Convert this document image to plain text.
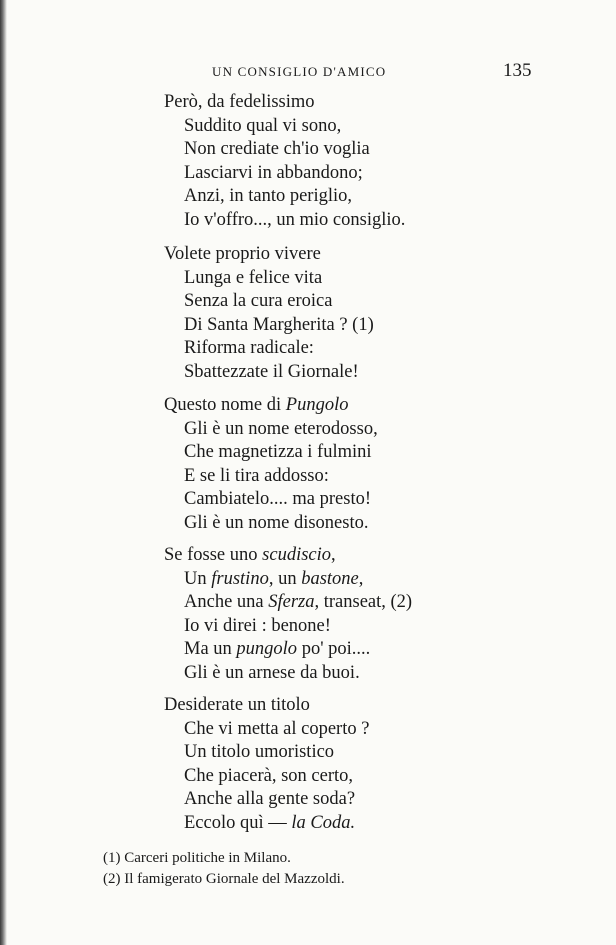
UN CONSIGLIO D'AMICO	135
Però, da fedelissimo
Suddito qual vi sono,
Non crediate ch'io voglia
Lasciarvi in abbandono;
Anzi, in tanto periglio,
Io v'offro..., un mio consiglio.
Volete proprio vivere
Lunga e felice vita
Senza la cura eroica
Di Santa Margherita ? (1)
Riforma radicale:
Sbattezzate il Giornale!
Questo nome di Pungolo
Gli è un nome eterodosso,
Che magnetizza i fulmini
E se li tira addosso:
Cambiatelo.... ma presto!
Gli è un nome disonesto.
Se fosse uno scudiscio,
Un frustino, un bastone,
Anche una Sferza, transeat, (2)
Io vi direi : benone!
Ma un pungolo po' poi....
Gli è un arnese da buoi.
Desiderate un titolo
Che vi metta al coperto ?
Un titolo umoristico
Che piacerà, son certo,
Anche alla gente soda?
Eccolo quì — la Coda.
(1) Carceri politiche in Milano.
(2) Il famigerato Giornale del Mazzoldi.
